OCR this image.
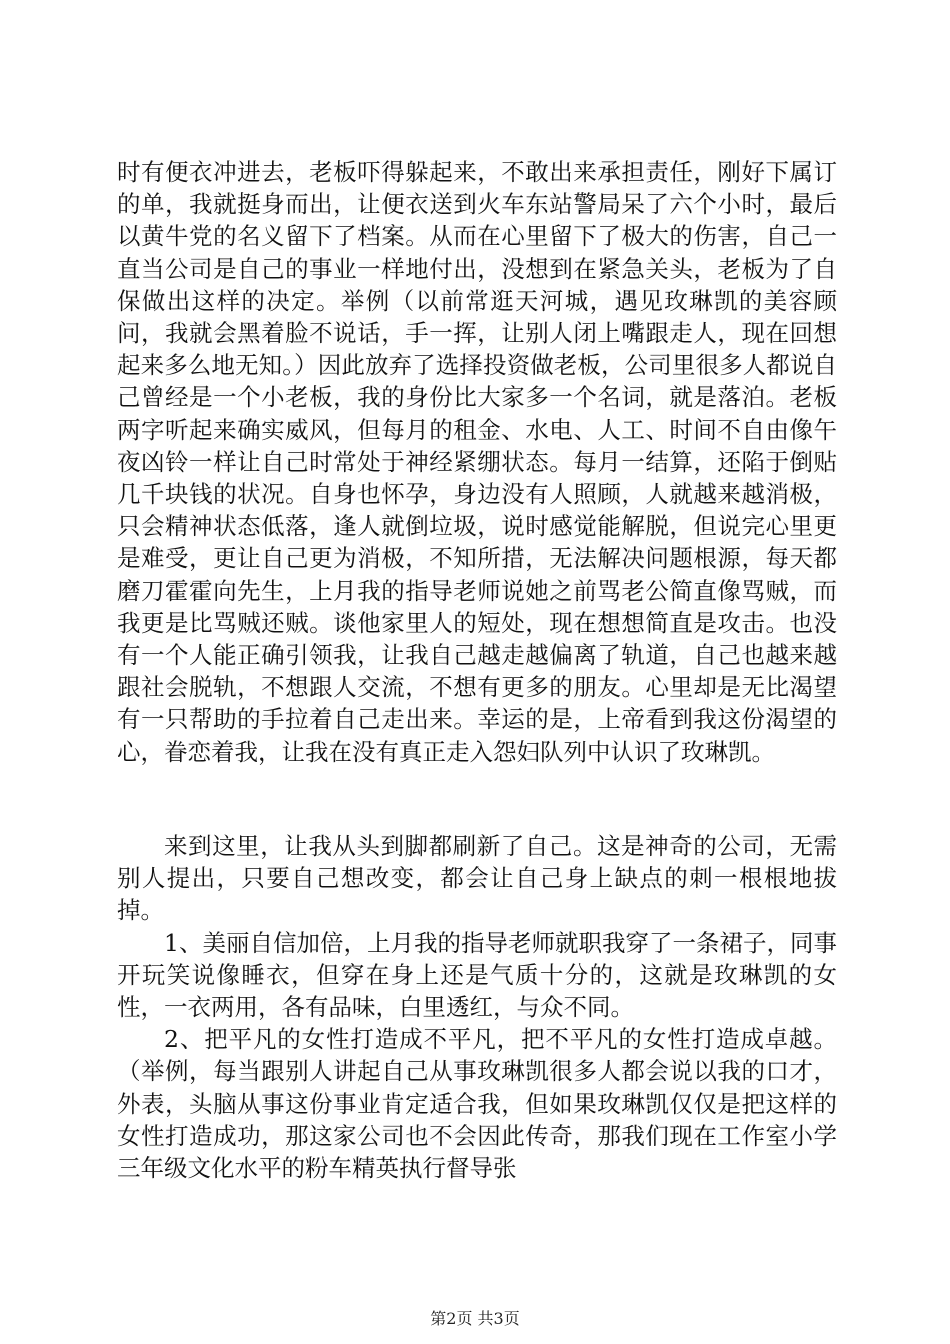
时有便衣冲进去，老板吓得躲起来，不敢出来承担责任，刚好下属订的单，我就挺身而出，让便衣送到火车东站警局呆了六个小时，最后以黄牛党的名义留下了档案。从而在心里留下了极大的伤害，自己一直当公司是自己的事业一样地付出，没想到在紧急关头，老板为了自保做出这样的决定。举例（以前常逛天河城，遇见玫琳凯的美容顾问，我就会黑着脸不说话，手一挥，让别人闭上嘴跟走人，现在回想起来多么地无知。）因此放弃了选择投资做老板，公司里很多人都说自己曾经是一个小老板，我的身份比大家多一个名词，就是落泊。老板两字听起来确实威风，但每月的租金、水电、人工、时间不自由像午夜凶铃一样让自己时常处于神经紧绷状态。每月一结算，还陷于倒贴几千块钱的状况。自身也怀孕，身边没有人照顾，人就越来越消极，只会精神状态低落，逢人就倒垃圾，说时感觉能解脱，但说完心里更是难受，更让自己更为消极，不知所措，无法解决问题根源，每天都磨刀霍霍向先生，上月我的指导老师说她之前骂老公简直像骂贼，而我更是比骂贼还贼。谈他家里人的短处，现在想想简直是攻击。也没有一个人能正确引领我，让我自己越走越偏离了轨道，自己也越来越跟社会脱轨，不想跟人交流，不想有更多的朋友。心里却是无比渴望有一只帮助的手拉着自己走出来。幸运的是，上帝看到我这份渴望的心，眷恋着我，让我在没有真正走入怨妇队列中认识了玫琳凯。

来到这里，让我从头到脚都刷新了自己。这是神奇的公司，无需别人提出，只要自己想改变，都会让自己身上缺点的刺一根根地拔掉。

1、美丽自信加倍，上月我的指导老师就职我穿了一条裙子，同事开玩笑说像睡衣，但穿在身上还是气质十分的，这就是玫琳凯的女性，一衣两用，各有品味，白里透红，与众不同。

2、把平凡的女性打造成不平凡，把不平凡的女性打造成卓越。（举例，每当跟别人讲起自己从事玫琳凯很多人都会说以我的口才，外表，头脑从事这份事业肯定适合我，但如果玫琳凯仅仅是把这样的女性打造成功，那这家公司也不会因此传奇，那我们现在工作室小学三年级文化水平的粉车精英执行督导张

第2页 共3页
